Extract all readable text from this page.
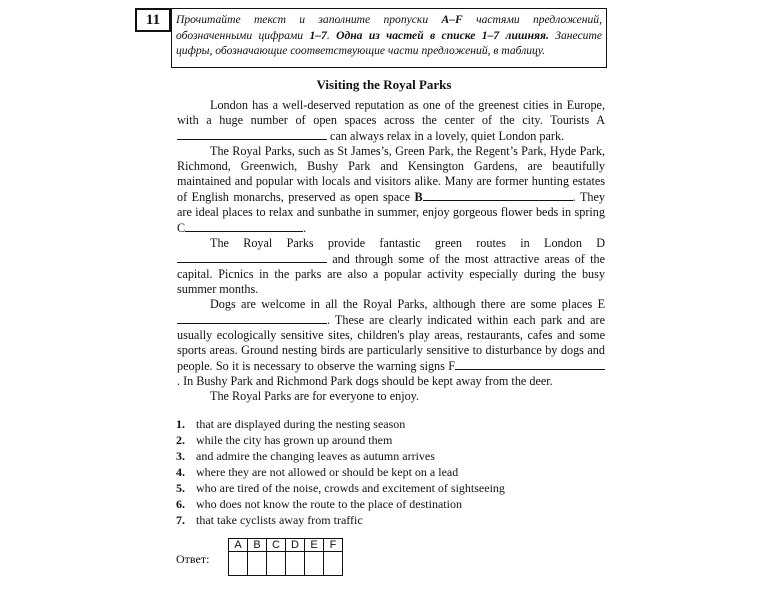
11	Прочитайте текст и заполните пропуски A–F частями предложений, обозначенными цифрами 1–7. Одна из частей в списке 1–7 лишняя. Занесите цифры, обозначающие соответствующие части предложений, в таблицу.
Visiting the Royal Parks

London has a well-deserved reputation as one of the greenest cities in Europe, with a huge number of open spaces across the center of the city. Tourists A can always relax in a lovely, quiet London park.

The Royal Parks, such as St James’s, Green Park, the Regent’s Park, Hyde Park, Richmond, Greenwich, Bushy Park and Kensington Gardens, are beautifully maintained and popular with locals and visitors alike. Many are former hunting estates of English monarchs, preserved as open space B	. They are ideal places to relax and sunbathe in summer, enjoy gorgeous flower beds in spring C	.

The Royal Parks provide fantastic green routes in London D and through some of the most attractive areas of the capital. Picnics in the parks are also a popular activity especially during the busy summer months.

Dogs are welcome in all the Royal Parks, although there are some places E. These are clearly indicated within each park and are usually ecologically sensitive sites, children's play areas, restaurants, cafes and some sports areas. Ground nesting birds are particularly sensitive to disturbance by dogs and people. So it is necessary to observe the warning signs F. In Bushy Park and Richmond Park dogs should be kept away from the deer.

The Royal Parks are for everyone to enjoy.

1. that are displayed during the nesting season
2. while the city has grown up around them
3. and admire the changing leaves as autumn arrives
4. where they are not allowed or should be kept on a lead
5. who are tired of the noise, crowds and excitement of sightseeing
6. who does not know the route to the place of destination
7. that take cyclists away from traffic
Ответ:
A	B	C	D	E	F
